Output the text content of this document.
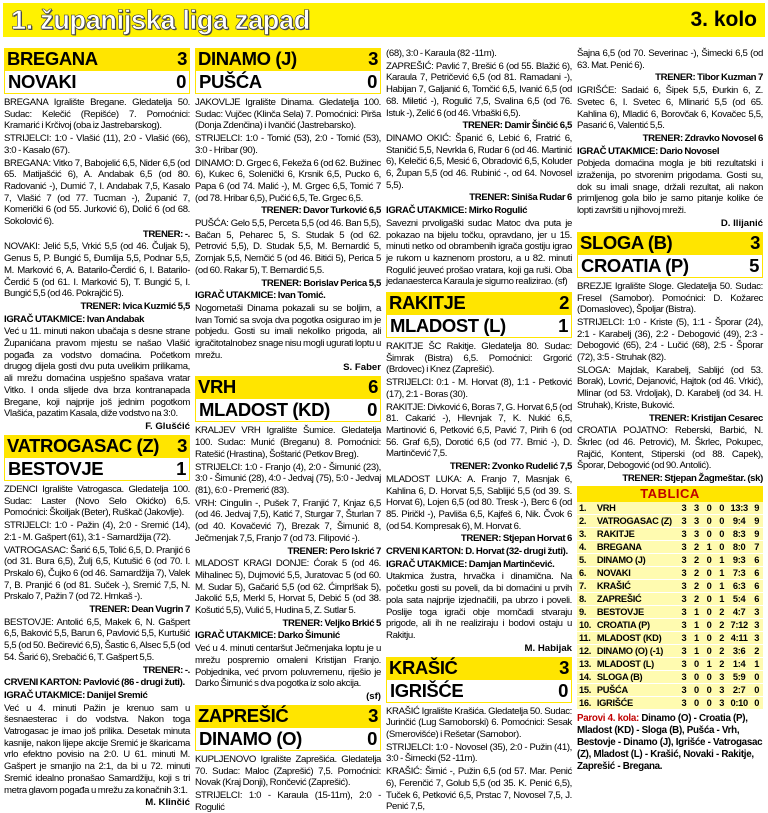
1. županijska liga zapad	3. kolo
BREGANA	3
NOVAKI	0

BREGANA Igralište Bregane. Gledatelja 50. Sudac: Kelečić (Repišće) 7. Pomoćnici: Kramarić i Krčivoj (oba iz Jastrebarskog).

STRIJELCI: 1:0 - Vlašić (11), 2:0 - Vlašić (66), 3:0 - Kasalo (67).

BREGANA: Vitko 7, Babojelić 6,5, Nider 6,5 (od 65. Matijašćić 6), A. Andabak 6,5 (od 80. Radovanić -), Dumić 7, I. Andabak 7,5, Kasalo 7, Vlašić 7 (od 77. Tucman -), Županić 7, Komerički 6 (od 55. Jurković 6), Dolić 6 (od 68. Sokolović 6).

TRENER: -.

NOVAKI: Jelić 5,5, Vrkić 5,5 (od 46. Čuljak 5), Genus 5, P. Bungić 5, Đumlija 5,5, Podnar 5,5, M. Marković 6, A. Batarilo-Čerdić 6, I. Batarilo-Čerdić 5 (od 61. I. Marković 5), T. Bungić 5, I. Bungić 5,5 (od 46. Pokrajčić 5).

TRENER: Ivica Kuzmić 5,5

IGRAČ UTAKMICE: Ivan Andabak

Već u 11. minuti nakon ubačaja s desne strane Županićana pravom mjestu se našao Vlašić pogađa za vodstvo domaćina. Početkom drugog dijela gosti dvu puta uvelikim prilikama, ali mrežu domaćina uspješno spašava vratar Vitko. I onda slijede dva brza kontranapada Bregane, koji najprije još jednim pogotkom Vlašića, pazatim Kasala, diže vodstvo na 3:0.

F. Glušćić
VATROGASAC (Z) 3
BESTOVJE	1

ZDENCI Igralište Vatrogasca. Gledatelja 100. Sudac: Laster (Novo Selo Okićko) 6,5. Pomoćnici: Škoiljak (Beter), Ruškač (Jakovlje).

STRIJELCI: 1:0 - Pažin (4), 2:0 - Sremić (14), 2:1 - M. Gašpert (61), 3:1 - Samardžija (72).

VATROGASAC: Šarić 6,5, Tolić 6,5, D. Pranjić 6 (od 31. Bura 6,5), Žulj 6,5, Kutušić 6 (od 70. I. Prskalo 6), Čujko 6 (od 46. Samardžija 7), Valek 7, B. Pranjić 6 (od 81. Suček -), Sremić 7,5, N. Prskalo 7, Pažin 7 (od 72. Hrnkaš -).

TRENER: Dean Vugrin 7

BESTOVJE: Antolić 6,5, Makek 6, N. Gašpert 6,5, Baković 5,5, Barun 6, Pavlović 5,5, Kurtušić 5,5 (od 50. Bečirević 6,5), Šastic 6, Alsec 5,5 (od 54. Šarić 6), Srebačić 6, T. Gašpert 5,5.

TRENER: -.

CRVENI KARTON: Pavlović (86 - drugi žuti).

IGRAČ UTAKMICE: Danijel Sremić

Već u 4. minuti Pažin je krenuo sam u šesnaesterac i do vodstva. Nakon toga Vatrogasac je imao još prilika. Desetak minuta kasnije, nakon lijepe akcije Sremić je škaricama vrlo efektno povisio na 2:0. U 61. minuti M. Gašpert je smanjio na 2:1, da bi u 72. minuti Sremić idealno pronašao Samardžiju, koji s tri metra glavom pogađa u mrežu za konačnih 3:1.

M. Klinčić
DINAMO (J)	3
PUŠĆA	0

JAKOVLJE Igralište Dinama. Gledatelja 100. Sudac: Vujčec (Klinča Sela) 7. Pomoćnici: Pirša (Donja Zdenčina) i Ivančić (Jastrebarsko).

STRIJELCI: 1:0 - Tomić (53), 2:0 - Tomić (53), 3:0 - Hribar (90).

DINAMO: D. Grgec 6, Fekeža 6 (od 62. Bužinec 6), Kukec 6, Solenički 6, Krsnik 6,5, Pucko 6, Papa 6 (od 74. Malić -), M. Grgec 6,5, Tomić 7 (od 78. Hribar 6,5), Pučić 6,5, Te. Grgec 6,5.

TRENER: Davor Turković 6,5

PUŠĆA: Gelo 5,5, Perceta 5,5 (od 46. Ban 5,5), Bačan 5, Peharec 5, S. Studak 5 (od 62. Petrović 5,5), D. Studak 5,5, M. Bernardić 5, Zornjak 5,5, Nemčić 5 (od 46. Bitići 5), Perica 5 (od 60. Rakar 5), T. Bernardić 5,5.

TRENER: Borislav Perica 5,5

IGRAČ UTAKMICE: Ivan Tomić.

Nogometaši Dinama pokazali su se boljim, a Ivan Tomić sa svoja dva pogotka osigurao im je pobjedu. Gosti su imali nekoliko prigoda, ali igračitotalnobez snage nisu mogli ugurati loptu u mrežu.

S. Faber
VRH	6
MLADOST (KD) 0

KRALJEV VRH Igralište Šumice. Gledatelja 100. Sudac: Munić (Breganu) 8. Pomoćnici: Ratešić (Hrastina), Šoštarić (Petkov Breg).

STRIJELCI: 1:0 - Franjo (4), 2:0 - Šimunić (23), 3:0 - Šimunić (28), 4:0 - Jedvaj (75), 5:0 - Jedvaj (81), 6:0 - Premerić (83).

VRH: Cingulin -, Pušek 7, Franjić 7, Knjaz 6,5 (od 46. Jedvaj 7,5), Katić 7, Sturgar 7, Šturlan 7 (od 40. Kovačević 7), Brezak 7, Šimunić 8, Ječmenjak 7,5, Franjo 7 (od 73. Filipović -).

TRENER: Pero Iskrić 7

MLADOST KRAGI DONJE: Ćorak 5 (od 46. Mihalinec 5), Dujmović 5,5, Juratovac 5 (od 60. M. Sudar 5), Gačarić 5,5 (od 62. Ćimprlšak 5), Jakolić 5,5, Merkl 5, Horvat 5, Debić 5 (od 38. Košutić 5,5), Vulić 5, Hudina 5, Z. Sutlar 5.

TRENER: Veljko Brkić 5

IGRAČ UTAKMICE: Darko Šimunić

Već u 4. minuti centaršut Ječmenjaka loptu je u mrežu pospremio omaleni Kristijan Franjo. Pobjednika, već prvom poluvremenu, riješio je Darko Šimunić s dva pogotka iz solo akcija.

(sf)
ZAPREŠIĆ	3
DINAMO (O)	0

KUPLJENOVO Igralište Zaprešića. Gledatelja 70. Sudac: Maloc (Zaprešić) 7,5. Pomoćnici: Novak (Kraj Donji), Rončević (Zaprešić).

STRIJELCI: 1:0 - Karaula (15-11m), 2:0 - Rogulić

(68), 3:0 - Karaula (82 -11m).

ZAPREŠIĆ: Pavlić 7, Brešić 6 (od 55. Blažić 6), Karaula 7, Petričević 6,5 (od 81. Ramadani -), Habijan 7, Galjanić 6, Tomčić 6,5, Ivanić 6,5 (od 68. Miletić -), Rogulić 7,5, Svalina 6,5 (od 76. Istuk -), Zelić 6 (od 46. Vrbaški 6,5).

TRENER: Damir Šinčić 6,5

DINAMO OKIĆ: Španić 6, Lebić 6, Fratrić 6, Staničić 5,5, Nevrkla 6, Rudar 6 (od 46. Martinić 6), Kelečić 6,5, Mesić 6, Obradović 6,5, Koluder 6, Župan 5,5 (od 46. Rubinić -, od 64. Novosel 5,5).

TRENER: Siniša Rudar 6

IGRAČ UTAKMICE: Mirko Rogulić

Savezni prvoligaški sudac Matoc dva puta je pokazao na bijelu točku, opravdano, jer u 15. minuti netko od obrambenih igrača gostiju igrao je rukom u kaznenom prostoru, a u 82. minuti Rogulić jeuveć prošao vratara, koji ga ruši. Oba jedanaesterca Karaula je sigurno realizirao. (sf)

RAKITJE	2
MLADOST (L)	1

RAKITJE ŠC Rakitje. Gledatelja 80. Sudac: Šimrak (Bistra) 6,5. Pomoćnici: Grgorić (Brdovec) i Knez (Zaprešić).

STRIJELCI: 0:1 - M. Horvat (8), 1:1 - Petković (17), 2:1 - Boras (30).

RAKITJE: Divković 6, Boras 7, G. Horvat 6,5 (od 81. Cakarić -), Hlevnjak 7, K. Nukić 6,5, Martinović 6, Petković 6,5, Pavić 7, Pirih 6 (od 56. Graf 6,5), Dorotić 6,5 (od 77. Brnić -), D. Martinčević 7,5.

TRENER: Zvonko Rudelić 7,5

MLADOST LUKA: A. Franjo 7, Masnjak 6, Kahlina 6, D. Horvat 5,5, Sablijić 5,5 (od 39. S. Horvat 6), Lojen 6,5 (od 80. Tresk -), Berc 6 (od 85. Piričkl -), Pavliša 6,5, Kajfeš 6, Nik. Čvok 6 (od 54. Kompresak 6), M. Horvat 6.

TRENER: Stjepan Horvat 6

CRVENI KARTON: D. Horvat (32- drugi žuti).

IGRAČ UTAKMICE: Damjan Martinčević.

Utakmica žustra, hrvačka i dinamična. Na početku gosti su poveli, da bi domaćini u prvih pola sata najprije izjednačili, pa ubrzo i poveli. Poslije toga igrači obje momčadi stvaraju prigode, ali ih ne realiziraju i bodovi ostaju u Rakitju.

M. Habijak
KRAŠIĆ	3
IGRIŠĆE	0

KRAŠIĆ Igralište Krašića. Gledatelja 50. Sudac: Jurinčić (Lug Samoborski) 6. Pomoćnici: Sesak (Smerovišće) i Rešetar (Samobor).

STRIJELCI: 1:0 - Novosel (35), 2:0 - Pužin (41), 3:0 - Šimecki (52 -11m).

KRAŠIĆ: Šimić -, Pužin 6,5 (od 57. Mar. Penić 6), Ferenčić 7, Golub 5,5 (od 35. K. Penić 6,5), Tuček 6, Petković 6,5, Prstac 7, Novosel 7,5, J. Penić 7,5,

Šajna 6,5 (od 70. Severinac -), Šimecki 6,5 (od 63. Mat. Penić 6).

TRENER: Tibor Kuzman 7

IGRIŠĆE: Sadaić 6, Šipek 5,5, Đurkin 6, Z. Svetec 6, I. Svetec 6, Mlinarić 5,5 (od 65. Kahlina 6), Mladić 6, Borovčak 6, Kovačec 5,5, Pasarić 6, Valentić 5,5.

TRENER: Zdravko Novosel 6

IGRAČ UTAKMICE: Dario Novosel

Pobjeda domaćina mogla je biti rezultatski i izraženija, po stvorenim prigodama. Gosti su, dok su imali snage, držali rezultat, ali nakon primljenog gola bilo je samo pitanje kolike će lopti završiti u njihovoj mreži.

D. Ilijanić
SLOGA (B)	3
CROATIA (P)	5

BREZJE Igralište Sloge. Gledatelja 50. Sudac: Fresel (Samobor). Pomoćnici: D. Kožarec (Domaslovec), Špoljar (Bistra).

STRIJELCI: 1:0 - Kriste (5), 1:1 - Šporar (24), 2:1 - Karabelj (36), 2:2 - Debogović (49), 2:3 - Debogović (65), 2:4 - Lučić (68), 2:5 - Šporar (72), 3:5 - Struhak (82).

SLOGA: Majdak, Karabelj, Sablijć (od 53. Borak), Lovrić, Dejanović, Hajtok (od 46. Vrkić), Mlinar (od 53. Vrdoljak), D. Karabelj (od 34. H. Struhak), Kriste, Buković.

TRENER: Kristijan Cesarec

CROATIA POJATNO: Reberski, Barbić, N. Škrlec (od 46. Petrović), M. Škrlec, Pokupec, Rajčić, Kontent, Stiperski (od 88. Capek), Šporar, Debogović (od 90. Antolić).

TRENER: Stjepan Žagmeštar. (sk)

TABLICA
1.	VRH	3	3	0	0	13:3	9
2.	VATROGASAC (Z)	3	3	0	0	9:4	9
3.	RAKITJE	3	3	0	0	8:3	9
4.	BREGANA	3	2	1	0	8:0	7
5.	DINAMO (J)	3	2	0	1	9:3	6
6.	NOVAKI	3	2	0	1	7:3	6
7.	KRAŠIĆ	3	2	0	1	6:3	6
8.	ZAPREŠIĆ	3	2	0	1	5:4	6
9.	BESTOVJE	3	1	0	2	4:7	3
10.	CROATIA (P)	3	1	0	2	7:12	3
11.	MLADOST (KD)	3	1	0	2	4:11	3
12.	DINAMO (O) (-1)	3	1	0	2	3:6	2
13.	MLADOST (L)	3	0	1	2	1:4	1
14.	SLOGA (B)	3	0	0	3	5:9	0
15.	PUŠĆA	3	0	0	3	2:7	0
16.	IGRIŠĆE	3	0	0	3	0:10	0
Parovi 4. kola: Dinamo (O) - Croatia (P), Mladost (KD) - Sloga (B), Pušća - Vrh, Bestovje - Dinamo (J), Igrišće - Vatrogasac (Z), Mladost (L) - Krašić, Novaki - Rakitje, Zaprešić - Bregana.
